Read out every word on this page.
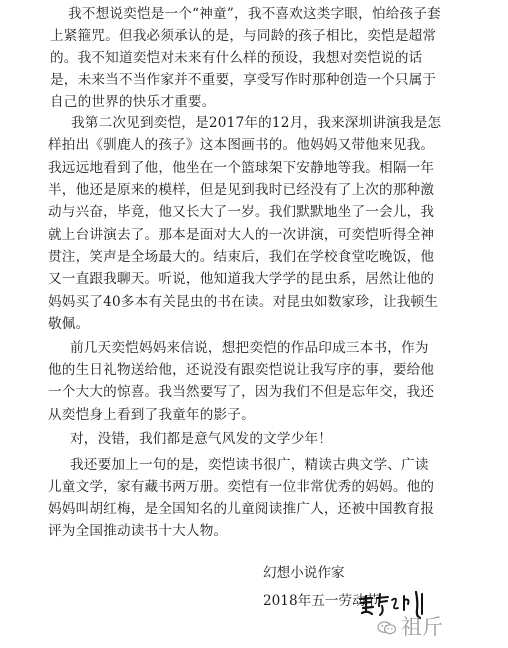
我不想说奕恺是一个“神童”，我不喜欢这类字眼，怕给孩子套
上紧箍咒。但我必须承认的是，与同龄的孩子相比，奕恺是超常
的。我不知道奕恺对未来有什么样的预设，我想对奕恺说的话
是，未来当不当作家并不重要，享受写作时那种创造一个只属于
自己的世界的快乐才重要。
我第二次见到奕恺，是2017年的12月，我来深圳讲演我是怎
样拍出《驯鹿人的孩子》这本图画书的。他妈妈又带他来见我。
我远远地看到了他，他坐在一个篮球架下安静地等我。相隔一年
半，他还是原来的模样，但是见到我时已经没有了上次的那种激
动与兴奋，毕竟，他又长大了一岁。我们默默地坐了一会儿，我
就上台讲演去了。那本是面对大人的一次讲演，可奕恺听得全神
贯注，笑声是全场最大的。结束后，我们在学校食堂吃晚饭，他
又一直跟我聊天。听说，他知道我大学学的昆虫系，居然让他的
妈妈买了40多本有关昆虫的书在读。对昆虫如数家珍，让我顿生
敬佩。
前几天奕恺妈妈来信说，想把奕恺的作品印成三本书，作为
他的生日礼物送给他，还说没有跟奕恺说让我写序的事，要给他
一个大大的惊喜。我当然要写了，因为我们不但是忘年交，我还
从奕恺身上看到了我童年的影子。
对，没错，我们都是意气风发的文学少年！
我还要加上一句的是，奕恺读书很广，精读古典文学、广读
儿童文学，家有藏书两万册。奕恺有一位非常优秀的妈妈。他的
妈妈叫胡红梅，是全国知名的儿童阅读推广人，还被中国教育报
评为全国推动读书十大人物。
幻想小说作家
2018年五一劳动节
祖斤
